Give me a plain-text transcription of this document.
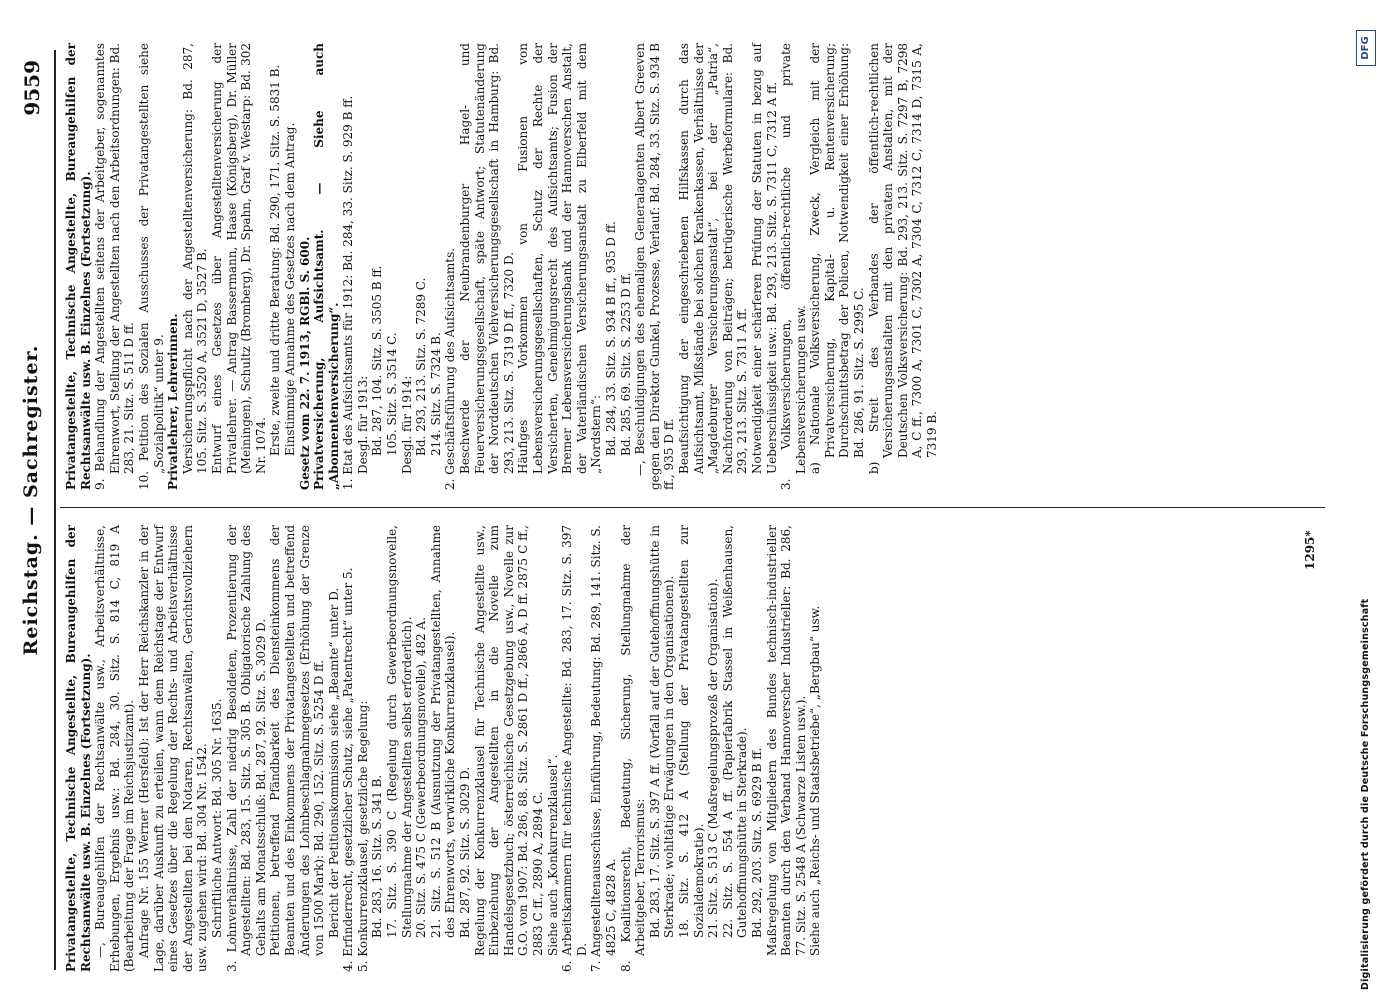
Reichstag. — Sachregister.
9559

Privatangestellte, Technische Angestellte, Bureaugehilfen der Rechtsanwälte usw. B. Einzelnes (Fortsetzung). —, Bureaugehilfen der Rechtsanwälte usw., Arbeitsverhältnisse, Erhebungen, Ergebnis usw.: Bd. 284, 30. Sitz. S. 814 C, 819 A (Bearbeitung der Frage im Reichsjustizamt). Anfrage Nr. 155 Werner (Hersfeld): Ist der Herr Reichskanzler in der Lage, darüber Auskunft zu erteilen, wann dem Reichstage der Entwurf eines Gesetzes über die Regelung der Rechts- und Arbeitsverhältnisse der Angestellten bei den Notaren, Rechtsanwälten, Gerichtsvollziehern usw. zugehen wird: Bd. 304 Nr. 1542. Schriftliche Antwort: Bd. 305 Nr. 1635. 3. Lohnverhältnisse, Zahl der niedrig Besoldeten, Prozentierung der Angestellten: Bd. 283, 15. Sitz. S. 305 B. Obligatorische Zahlung des Gehalts am Monatsschluß: Bd. 287, 92. Sitz. S. 3029 D. Petitionen, betreffend Pfändbarkeit des Diensteinkommens der Beamten und des Einkommens der Privatangestellten und betreffend Änderungen des Lohnbeschlagnahmegesetzes (Erhöhung der Grenze von 1500 Mark): Bd. 290, 152. Sitz. S. 5254 D ff. Bericht der Petitionskommission siehe „Beamte“ unter D. 4. Erfinderrecht, gesetzlicher Schutz, siehe „Patentrecht“ unter 5. 5. Konkurrenzklausel, gesetzliche Regelung: Bd. 283, 16. Sitz. S. 341 B. 17. Sitz. S. 390 C (Regelung durch Gewerbeordnungsnovelle, Stellungnahme der Angestellten selbst erforderlich). 20. Sitz. S. 475 C (Gewerbeordnungsnovelle), 482 A. 21. Sitz. S. 512 B (Ausnutzung der Privatangestellten, Annahme des Ehrenworts, verwirkliche Konkurrenzklausel). Bd. 287, 92. Sitz. S. 3029 D. Regelung der Konkurrenzklausel für Technische Angestellte usw., Einbeziehung der Angestellten in die Novelle zum Handelsgesetzbuch; österreichische Gesetzgebung usw., Novelle zur G.O. von 1907: Bd. 286, 88. Sitz. S. 2861 D ff., 2866 A, D ff. 2875 C ff., 2883 C ff., 2890 A, 2894 C. Siehe auch „Konkurrenzklausel“. 6. Arbeitskammern für technische Angestellte: Bd. 283, 17. Sitz. S. 397 D. 7. Angestelltenausschüsse, Einführung, Bedeutung: Bd. 289, 141. Sitz. S. 4825 C, 4828 A. 8. Koalitionsrecht, Bedeutung, Sicherung, Stellungnahme der Arbeitgeber, Terrorismus: Bd. 283, 17. Sitz. S. 397 A ff. (Vorfall auf der Gutehoffnungshütte in Sterkrade; wohltätige Erwägungen in den Organisationen). 18. Sitz. S. 412 A (Stellung der Privatangestellten zur Sozialdemokratie). 21. Sitz. S. 513 C (Maßregelungsprozeß der Organisation). 22. Sitz. S. 554 A ff. (Papierfabrik Stassel in Weißenhausen, Gutehoffnungshütte in Sterkrade). Bd. 292, 203. Sitz. S. 6929 B ff. Maßregelung von Mitgliedern des Bundes technisch-industrieller Beamten durch den Verband Hannoverscher Industrieller: Bd. 286, 77. Sitz. S. 2548 A (Schwarze Listen usw.). Siehe auch „Reichs- und Staatsbetriebe“, „Bergbau“ usw.

Privatangestellte, Technische Angestellte, Bureaugehilfen der Rechtsanwälte usw. B. Einzelnes (Fortsetzung). 9. Behandlung der Angestellten seitens der Arbeitgeber, sogenanntes Ehrenwort, Stellung der Angestellten nach den Arbeitsordnungen: Bd. 283, 21. Sitz. S. 511 D ff. 10. Petition des Sozialen Ausschusses der Privatangestellten siehe „Sozialpolitik“ unter 9. Privatlehrer, Lehrerinnen. Versicherungspflicht nach der Angestelltenversicherung: Bd. 287, 105. Sitz. S. 3520 A, 3521 D, 3527 B. Entwurf eines Gesetzes über Angestelltenversicherung der Privatlehrer. — Antrag Bassermann, Haase (Königsberg), Dr. Müller (Meiningen), Schultz (Bromberg), Dr. Spahn, Graf v. Westarp: Bd. 302 Nr. 1074. Erste, zweite und dritte Beratung: Bd. 290, 171. Sitz. S. 5831 B. Einstimmige Annahme des Gesetzes nach dem Antrag. Gesetz vom 22. 7. 1913, RGBl. S. 600. Privatversicherung, Aufsichtsamt. — Siehe auch „Abonnentenversicherung“. 1. Etat des Aufsichtsamts für 1912: Bd. 284, 33. Sitz. S. 929 B ff. Desgl. für 1913: Bd. 287, 104. Sitz. S. 3505 B ff. 105. Sitz. S. 3514 C. Desgl. für 1914: Bd. 293, 213. Sitz. S. 7289 C. 214. Sitz. S. 7324 B. 2. Geschäftsführung des Aufsichtsamts. Beschwerde der Neubrandenburger Hagel- und Feuerversicherungsgesellschaft, späte Antwort; Statutenänderung der Norddeutschen Viehversicherungsgesellschaft in Hamburg: Bd. 293, 213. Sitz. S. 7319 D ff., 7320 D. Häufiges Vorkommen von Fusionen von Lebensversicherungsgesellschaften, Schutz der Rechte der Versicherten, Genehmigungsrecht des Aufsichtsamts; Fusion der Bremer Lebensversicherungsbank und der Hannoverschen Anstalt, der Vaterländischen Versicherungsanstalt zu Elberfeld mit dem „Nordstern“: Bd. 284, 33. Sitz. S. 934 B ff., 935 D ff. Bd. 285, 69. Sitz. S. 2253 D ff. —, Beschuldigungen des ehemaligen Generalagenten Albert Greeven gegen den Direktor Gunkel, Prozesse, Verlauf: Bd. 284, 33. Sitz. S. 934 B ff., 935 D ff. Beaufsichtigung der eingeschriebenen Hilfskassen durch das Aufsichtsamt, Mißstände bei solchen Krankenkassen, Verhältnisse der „Magdeburger Versicherungsanstalt“, bei der „Patria“, Nachforderung von Beiträgen; betrügerische Werbeformulare: Bd. 293, 213. Sitz. S. 7311 A ff. Notwendigkeit einer schärferen Prüfung der Statuten in bezug auf Ueberschüssigkeit usw.: Bd. 293, 213. Sitz. S. 7311 C, 7312 A ff. 3. Volksversicherungen, öffentlich-rechtliche und private Lebensversicherungen usw. a) Nationale Volksversicherung, Zweck, Vergleich mit der Privatversicherung, Kapital- u. Rentenversicherung; Durchschnittsbetrag der Policen, Notwendigkeit einer Erhöhung: Bd. 286, 91. Sitz. S. 2995 C. b) Streit des Verbandes der öffentlich-rechtlichen Versicherungsanstalten mit den privaten Anstalten, mit der Deutschen Volksversicherung: Bd. 293, 213. Sitz. S. 7297 B, 7298 A, C ff., 7300 A, 7301 C, 7302 A, 7304 C, 7312 C, 7314 D, 7315 A, 7319 B.

1295*
Digitalisierung gefördert durch die Deutsche Forschungsgemeinschaft
DFG
